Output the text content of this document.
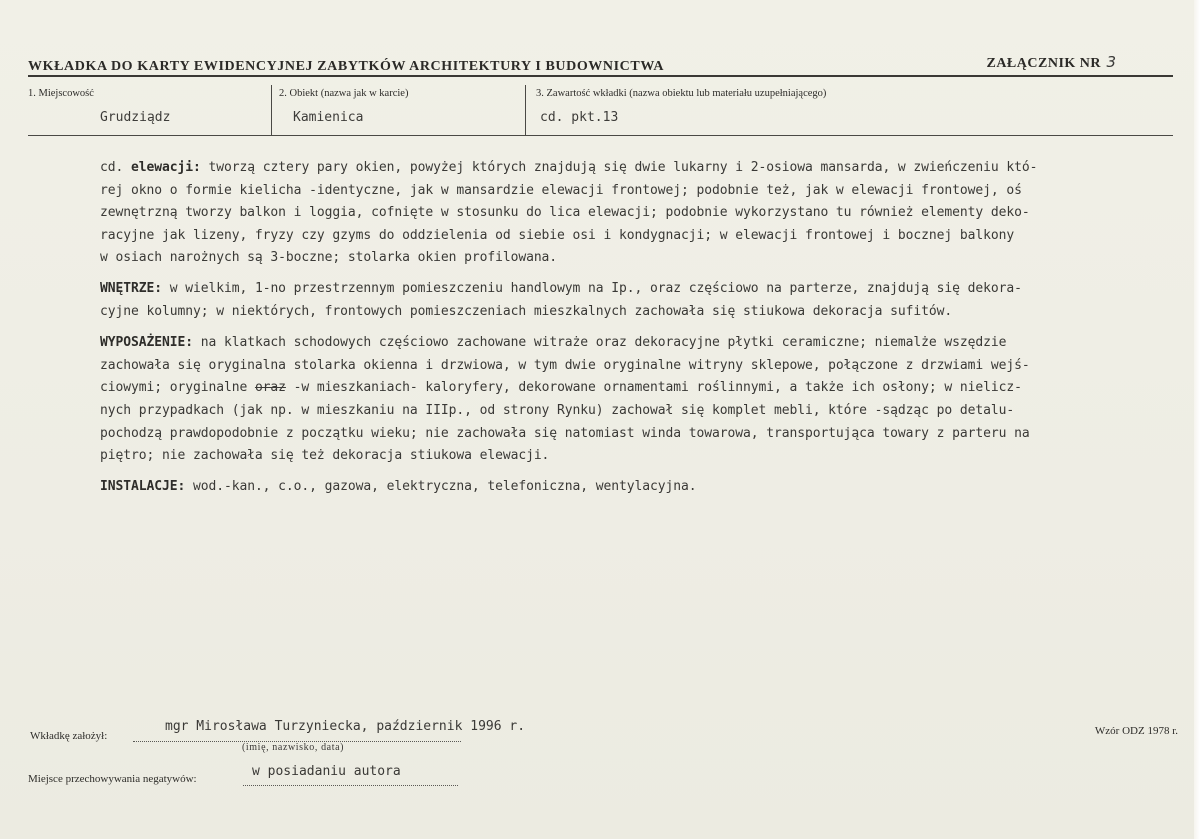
WKŁADKA DO KARTY EWIDENCYJNEJ ZABYTKÓW ARCHITEKTURY I BUDOWNICTWA	ZAŁĄCZNIK NR 3
1. Miejscowość
Grudziądz
2. Obiekt (nazwa jak w karcie)
Kamienica
3. Zawartość wkładki (nazwa obiektu lub materiału uzupełniającego)
cd. pkt.13

cd. elewacji: tworzą cztery pary okien, powyżej których znajdują się dwie lukarny i 2-osiowa mansarda, w zwieńczeniu któ-
rej okno o formie kielicha -identyczne, jak w mansardzie elewacji frontowej; podobnie też, jak w elewacji frontowej, oś
zewnętrzną tworzy balkon i loggia, cofnięte w stosunku do lica elewacji; podobnie wykorzystano tu również elementy deko-
racyjne jak lizeny, fryzy czy gzyms do oddzielenia od siebie osi i kondygnacji; w elewacji frontowej i bocznej balkony
w osiach narożnych są 3-boczne; stolarka okien profilowana.

WNĘTRZE: w wielkim, 1-no przestrzennym pomieszczeniu handlowym na Ip., oraz częściowo na parterze, znajdują się dekora-
cyjne kolumny; w niektórych, frontowych pomieszczeniach mieszkalnych zachowała się stiukowa dekoracja sufitów.

WYPOSAŻENIE: na klatkach schodowych częściowo zachowane witraże oraz dekoracyjne płytki ceramiczne; niemalże wszędzie
zachowała się oryginalna stolarka okienna i drzwiowa, w tym dwie oryginalne witryny sklepowe, połączone z drzwiami wejś-
ciowymi; oryginalne oraz -w mieszkaniach- kaloryfery, dekorowane ornamentami roślinnymi, a także ich osłony; w nielicz-
nych przypadkach (jak np. w mieszkaniu na IIIp., od strony Rynku) zachował się komplet mebli, które -sądząc po detalu-
pochodzą prawdopodobnie z początku wieku; nie zachowała się natomiast winda towarowa, transportująca towary z parteru na
piętro; nie zachowała się też dekoracja stiukowa elewacji.

INSTALACJE: wod.-kan., c.o., gazowa, elektryczna, telefoniczna, wentylacyjna.

Wkładkę założył:
mgr Mirosława Turzyniecka, październik 1996 r.
(imię, nazwisko, data)
Wzór ODZ 1978 r.
Miejsce przechowywania negatywów:	w posiadaniu autora
